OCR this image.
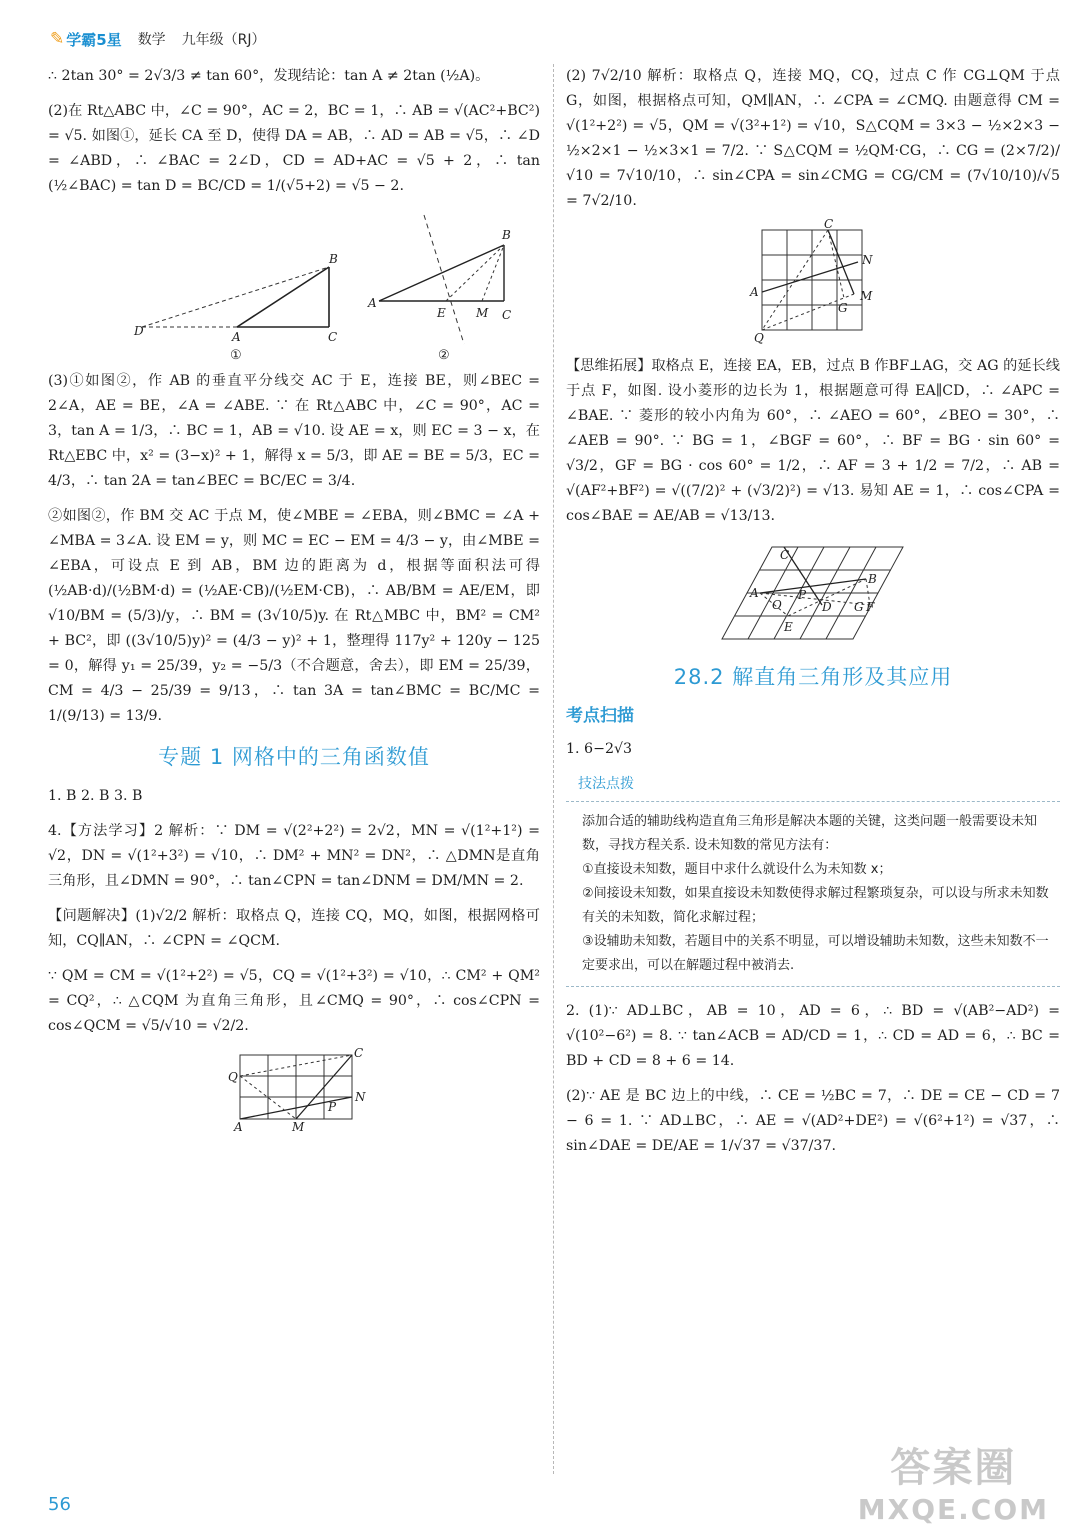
✎ 学霸5星 数学 九年级（RJ）

∴ 2tan 30° = 2√3/3 ≠ tan 60°，发现结论：tan A ≠ 2tan (½A)。

(2)在 Rt△ABC 中，∠C = 90°，AC = 2，BC = 1，∴ AB = √(AC²+BC²) = √5. 如图①，延长 CA 至 D，使得 DA = AB，∴ AD = AB = √5，∴ ∠D = ∠ABD，∴ ∠BAC = 2∠D，CD = AD+AC = √5 + 2，∴ tan (½∠BAC) = tan D = BC/CD = 1/(√5+2) = √5 − 2.

D	A	C
B
①
A
E	M C
B
②

(3)①如图②，作 AB 的垂直平分线交 AC 于 E，连接 BE，则∠BEC = 2∠A，AE = BE，∠A = ∠ABE. ∵ 在 Rt△ABC 中，∠C = 90°，AC = 3，tan A = 1/3，∴ BC = 1，AB = √10. 设 AE = x，则 EC = 3 − x，在 Rt△EBC 中，x² = (3−x)² + 1，解得 x = 5/3，即 AE = BE = 5/3，EC = 4/3，∴ tan 2A = tan∠BEC = BC/EC = 3/4.

②如图②，作 BM 交 AC 于点 M，使∠MBE = ∠EBA，则∠BMC = ∠A + ∠MBA = 3∠A. 设 EM = y，则 MC = EC − EM = 4/3 − y，由∠MBE = ∠EBA，可设点 E 到 AB，BM 边的距离为 d，根据等面积法可得 (½AB·d)/(½BM·d) = (½AE·CB)/(½EM·CB)，∴ AB/BM = AE/EM，即 √10/BM = (5/3)/y，∴ BM = (3√10/5)y. 在 Rt△MBC 中，BM² = CM² + BC²，即 ((3√10/5)y)² = (4/3 − y)² + 1，整理得 117y² + 120y − 125 = 0，解得 y₁ = 25/39，y₂ = −5/3（不合题意，舍去），即 EM = 25/39，CM = 4/3 − 25/39 = 9/13，∴ tan 3A = tan∠BMC = BC/MC = 1/(9/13) = 13/9.

专题 1 网格中的三角函数值

1. B 2. B 3. B

4.【方法学习】2 解析：∵ DM = √(2²+2²) = 2√2，MN = √(1²+1²) = √2，DN = √(1²+3²) = √10，∴ DM² + MN² = DN²，∴ △DMN是直角三角形，且∠DMN = 90°，∴ tan∠CPN = tan∠DNM = DM/MN = 2.

【问题解决】(1)√2/2 解析：取格点 Q，连接 CQ，MQ，如图，根据网格可知，CQ∥AN，∴ ∠CPN = ∠QCM.

∵ QM = CM = √(1²+2²) = √5，CQ = √(1²+3²) = √10，∴ CM² + QM² = CQ²，∴ △CQM 为直角三角形，且∠CMQ = 90°，∴ cos∠CPN = cos∠QCM = √5/√10 = √2/2.

C
Q
N
P
A	M

(2) 7√2/10 解析：取格点 Q，连接 MQ，CQ，过点 C 作 CG⊥QM 于点 G，如图，根据格点可知，QM∥AN，∴ ∠CPA = ∠CMQ. 由题意得 CM = √(1²+2²) = √5，QM = √(3²+1²) = √10，S△CQM = 3×3 − ½×2×3 − ½×2×1 − ½×3×1 = 7/2. ∵ S△CQM = ½QM·CG，∴ CG = (2×7/2)/√10 = 7√10/10，∴ sin∠CPA = sin∠CMG = CG/CM = (7√10/10)/√5 = 7√2/10.

C
N
A	M
G
Q

【思维拓展】取格点 E，连接 EA，EB，过点 B 作BF⊥AG，交 AG 的延长线于点 F，如图. 设小菱形的边长为 1，根据题意可得 EA∥CD，∴ ∠APC = ∠BAE. ∵ 菱形的较小内角为 60°，∴ ∠AEO = 60°，∠BEO = 30°，∴ ∠AEB = 90°. ∵ BG = 1，∠BGF = 60°，∴ BF = BG · sin 60° = √3/2，GF = BG · cos 60° = 1/2，∴ AF = 3 + 1/2 = 7/2，∴ AB = √(AF²+BF²) = √((7/2)² + (√3/2)²) = √13. 易知 AE = 1，∴ cos∠CPA = cos∠BAE = AE/AB = √13/13.

C
A
B
O
P
D G F
E
28.2 解直角三角形及其应用
考点扫描

1. 6−2√3

技法点拨
添加合适的辅助线构造直角三角形是解决本题的关键，这类问题一般需要设未知数，寻找方程关系. 设未知数的常见方法有：
①直接设未知数，题目中求什么就设什么为未知数 x；
②间接设未知数，如果直接设未知数使得求解过程繁琐复杂，可以设与所求未知数有关的未知数，简化求解过程；
③设辅助未知数，若题目中的关系不明显，可以增设辅助未知数，这些未知数不一定要求出，可以在解题过程中被消去.

2. (1)∵ AD⊥BC，AB = 10，AD = 6，∴ BD = √(AB²−AD²) = √(10²−6²) = 8. ∵ tan∠ACB = AD/CD = 1，∴ CD = AD = 6，∴ BC = BD + CD = 8 + 6 = 14.

(2)∵ AE 是 BC 边上的中线，∴ CE = ½BC = 7，∴ DE = CE − CD = 7 − 6 = 1. ∵ AD⊥BC，∴ AE = √(AD²+DE²) = √(6²+1²) = √37，∴ sin∠DAE = DE/AE = 1/√37 = √37/37.

56
答案圈
MXQE.COM
